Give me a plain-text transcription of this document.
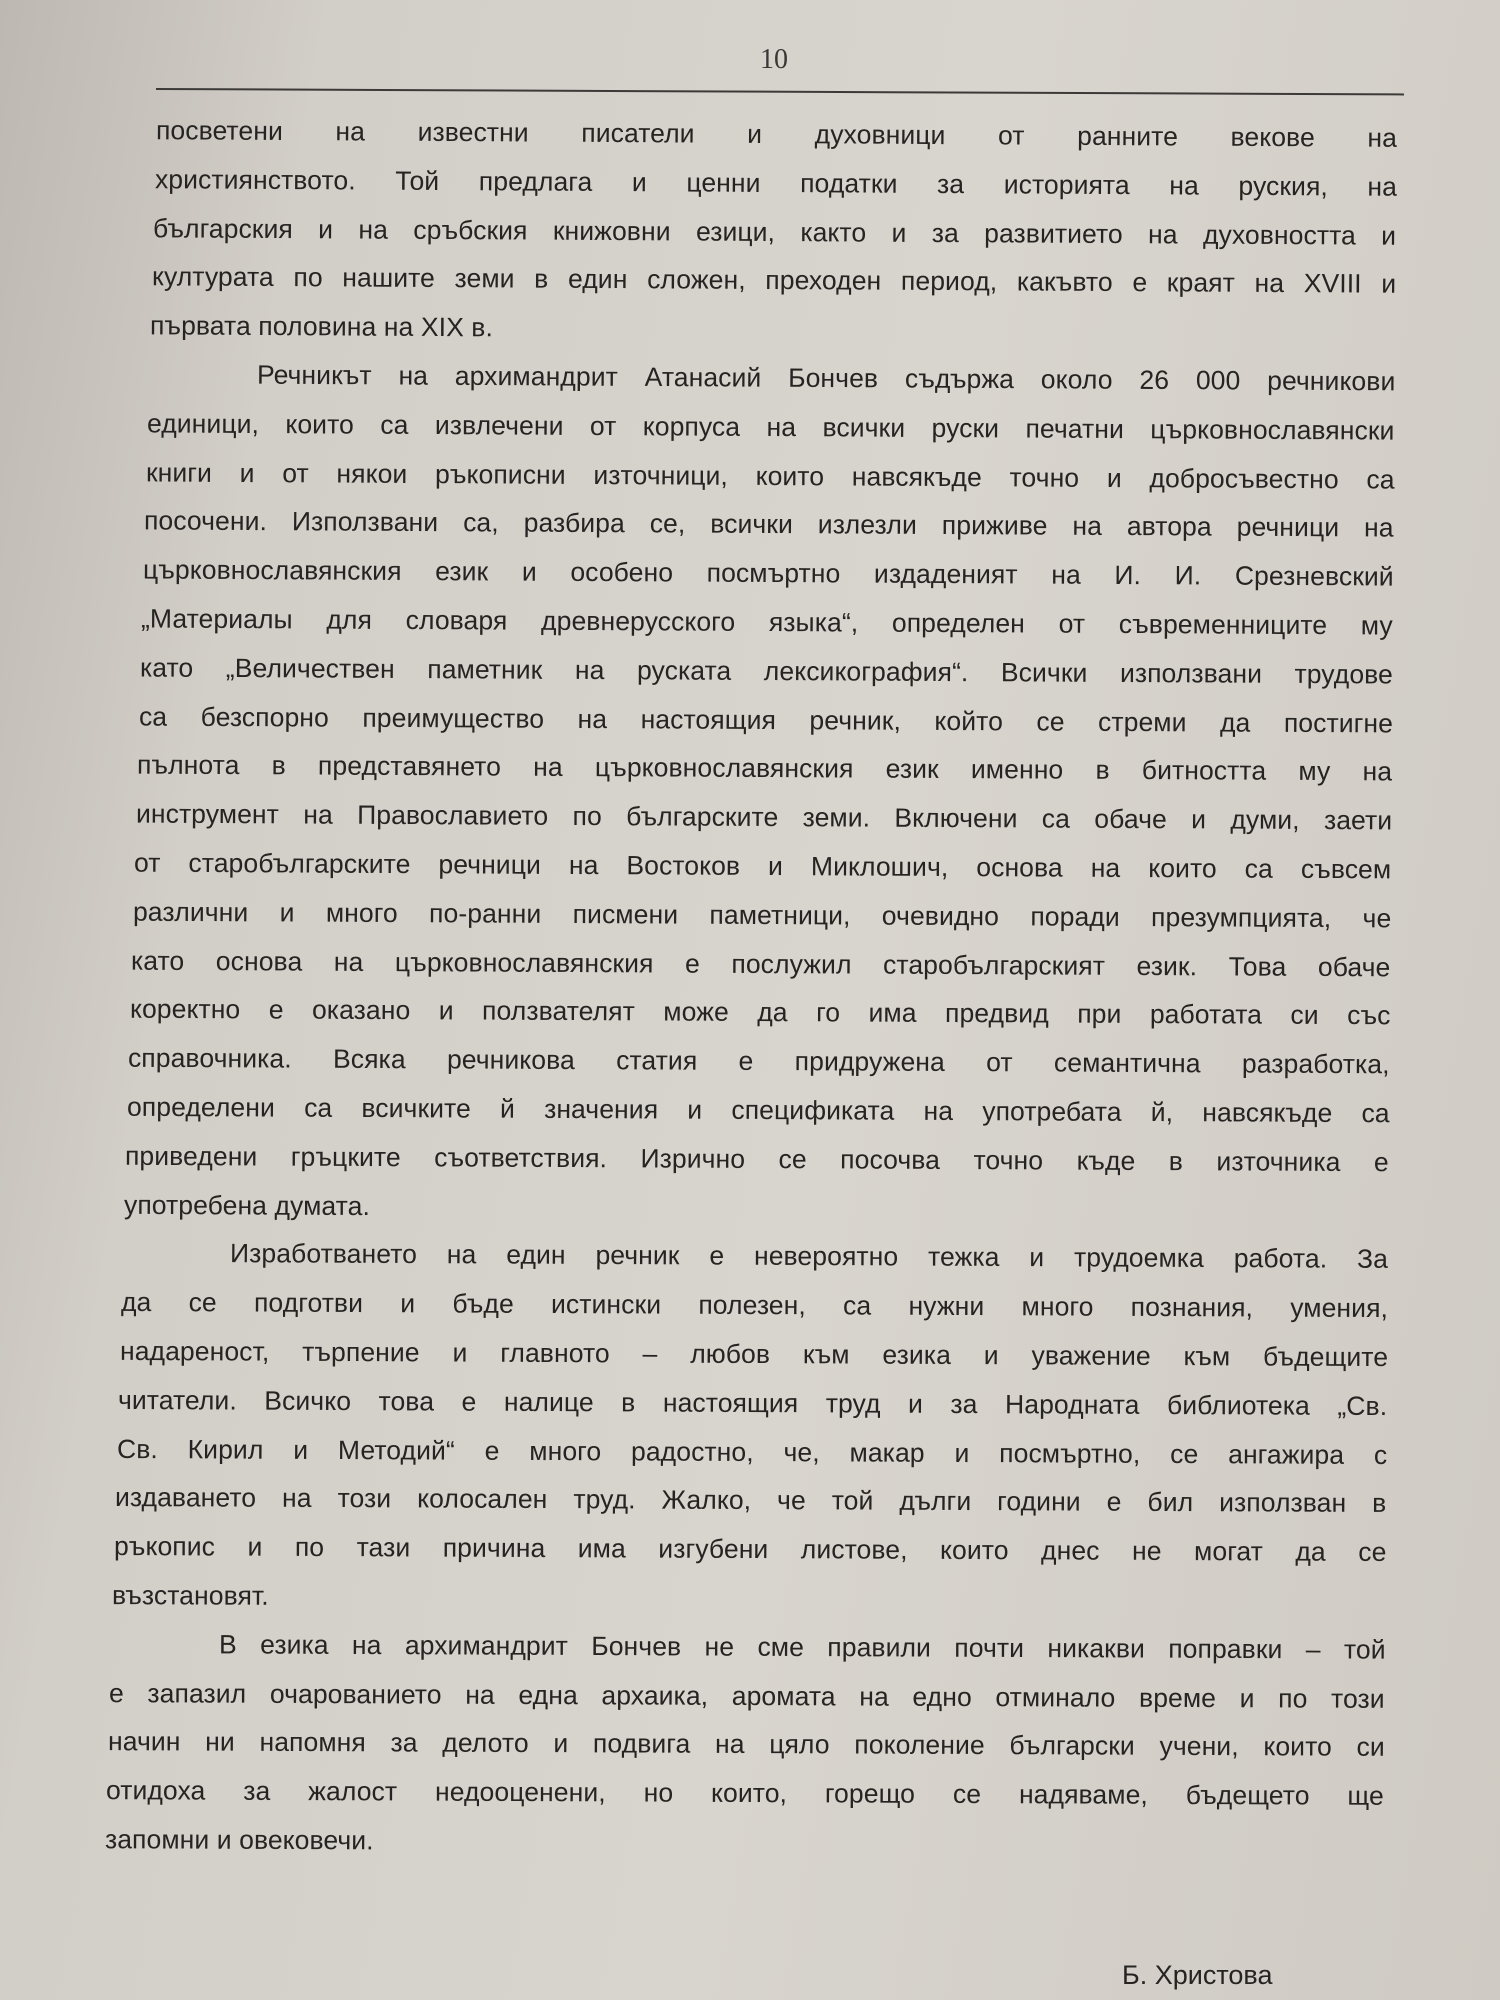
10
посветени на известни писатели и духовници от ранните векове на
християнството. Той предлага и ценни податки за историята на руския, на
българския и на сръбския книжовни езици, както и за развитието на духовността и
културата по нашите земи в един сложен, преходен период, какъвто е краят на XVIII и
първата половина на XIX в.
Речникът на архимандрит Атанасий Бончев съдържа около 26 000 речникови
единици, които са извлечени от корпуса на всички руски печатни църковнославянски
книги и от някои ръкописни източници, които навсякъде точно и добросъвестно са
посочени. Използвани са, разбира се, всички излезли приживе на автора речници на
църковнославянския език и особено посмъртно издаденият на И. И. Срезневский
„Материалы для словаря древнерусского языка“, определен от съвременниците му
като „Величествен паметник на руската лексикография“. Всички използвани трудове
са безспорно преимущество на настоящия речник, който се стреми да постигне
пълнота в представянето на църковнославянския език именно в битността му на
инструмент на Православието по българските земи. Включени са обаче и думи, заети
от старобългарските речници на Востоков и Миклошич, основа на които са съвсем
различни и много по-ранни писмени паметници, очевидно поради презумпцията, че
като основа на църковнославянския е послужил старобългарският език. Това обаче
коректно е оказано и ползвателят може да го има предвид при работата си със
справочника. Всяка речникова статия е придружена от семантична разработка,
определени са всичките й значения и спецификата на употребата й, навсякъде са
приведени гръцките съответствия. Изрично се посочва точно къде в източника е
употребена думата.
Изработването на един речник е невероятно тежка и трудоемка работа. За
да се подготви и бъде истински полезен, са нужни много познания, умения,
надареност, търпение и главното – любов към езика и уважение към бъдещите
читатели. Всичко това е налице в настоящия труд и за Народната библиотека „Св.
Св. Кирил и Методий“ е много радостно, че, макар и посмъртно, се ангажира с
издаването на този колосален труд. Жалко, че той дълги години е бил използван в
ръкопис и по тази причина има изгубени листове, които днес не могат да се
възстановят.
В езика на архимандрит Бончев не сме правили почти никакви поправки – той
е запазил очарованието на една архаика, аромата на едно отминало време и по този
начин ни напомня за делото и подвига на цяло поколение български учени, които си
отидоха за жалост недооценени, но които, горещо се надяваме, бъдещето ще
запомни и овековечи.
Б. Христова
